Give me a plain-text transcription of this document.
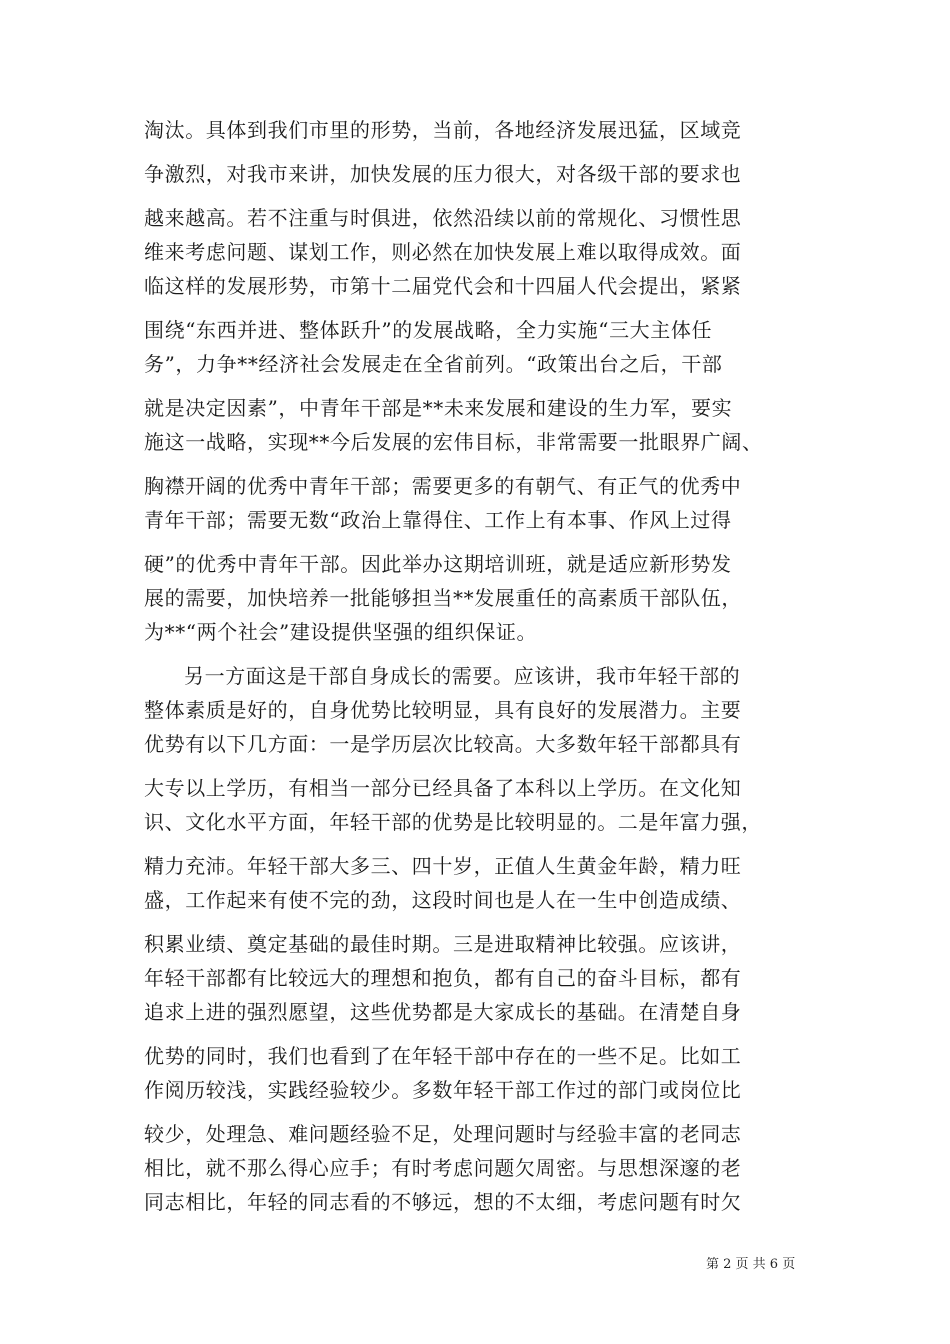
淘汰。具体到我们市里的形势，当前，各地经济发展迅猛，区域竞
争激烈，对我市来讲，加快发展的压力很大，对各级干部的要求也
越来越高。若不注重与时俱进，依然沿续以前的常规化、习惯性思
维来考虑问题、谋划工作，则必然在加快发展上难以取得成效。面
临这样的发展形势，市第十二届党代会和十四届人代会提出，紧紧
围绕“东西并进、整体跃升”的发展战略，全力实施“三大主体任
务”，力争**经济社会发展走在全省前列。“政策出台之后，干部
就是决定因素”，中青年干部是**未来发展和建设的生力军，要实
施这一战略，实现**今后发展的宏伟目标，非常需要一批眼界广阔、
胸襟开阔的优秀中青年干部；需要更多的有朝气、有正气的优秀中
青年干部；需要无数“政治上靠得住、工作上有本事、作风上过得
硬”的优秀中青年干部。因此举办这期培训班，就是适应新形势发
展的需要，加快培养一批能够担当**发展重任的高素质干部队伍，
为**“两个社会”建设提供坚强的组织保证。
另一方面这是干部自身成长的需要。应该讲，我市年轻干部的
整体素质是好的，自身优势比较明显，具有良好的发展潜力。主要
优势有以下几方面：一是学历层次比较高。大多数年轻干部都具有
大专以上学历，有相当一部分已经具备了本科以上学历。在文化知
识、文化水平方面，年轻干部的优势是比较明显的。二是年富力强，
精力充沛。年轻干部大多三、四十岁，正值人生黄金年龄，精力旺
盛，工作起来有使不完的劲，这段时间也是人在一生中创造成绩、
积累业绩、奠定基础的最佳时期。三是进取精神比较强。应该讲，
年轻干部都有比较远大的理想和抱负，都有自己的奋斗目标，都有
追求上进的强烈愿望，这些优势都是大家成长的基础。在清楚自身
优势的同时，我们也看到了在年轻干部中存在的一些不足。比如工
作阅历较浅，实践经验较少。多数年轻干部工作过的部门或岗位比
较少，处理急、难问题经验不足，处理问题时与经验丰富的老同志
相比，就不那么得心应手；有时考虑问题欠周密。与思想深邃的老
同志相比，年轻的同志看的不够远，想的不太细，考虑问题有时欠
第 2 页 共 6 页
